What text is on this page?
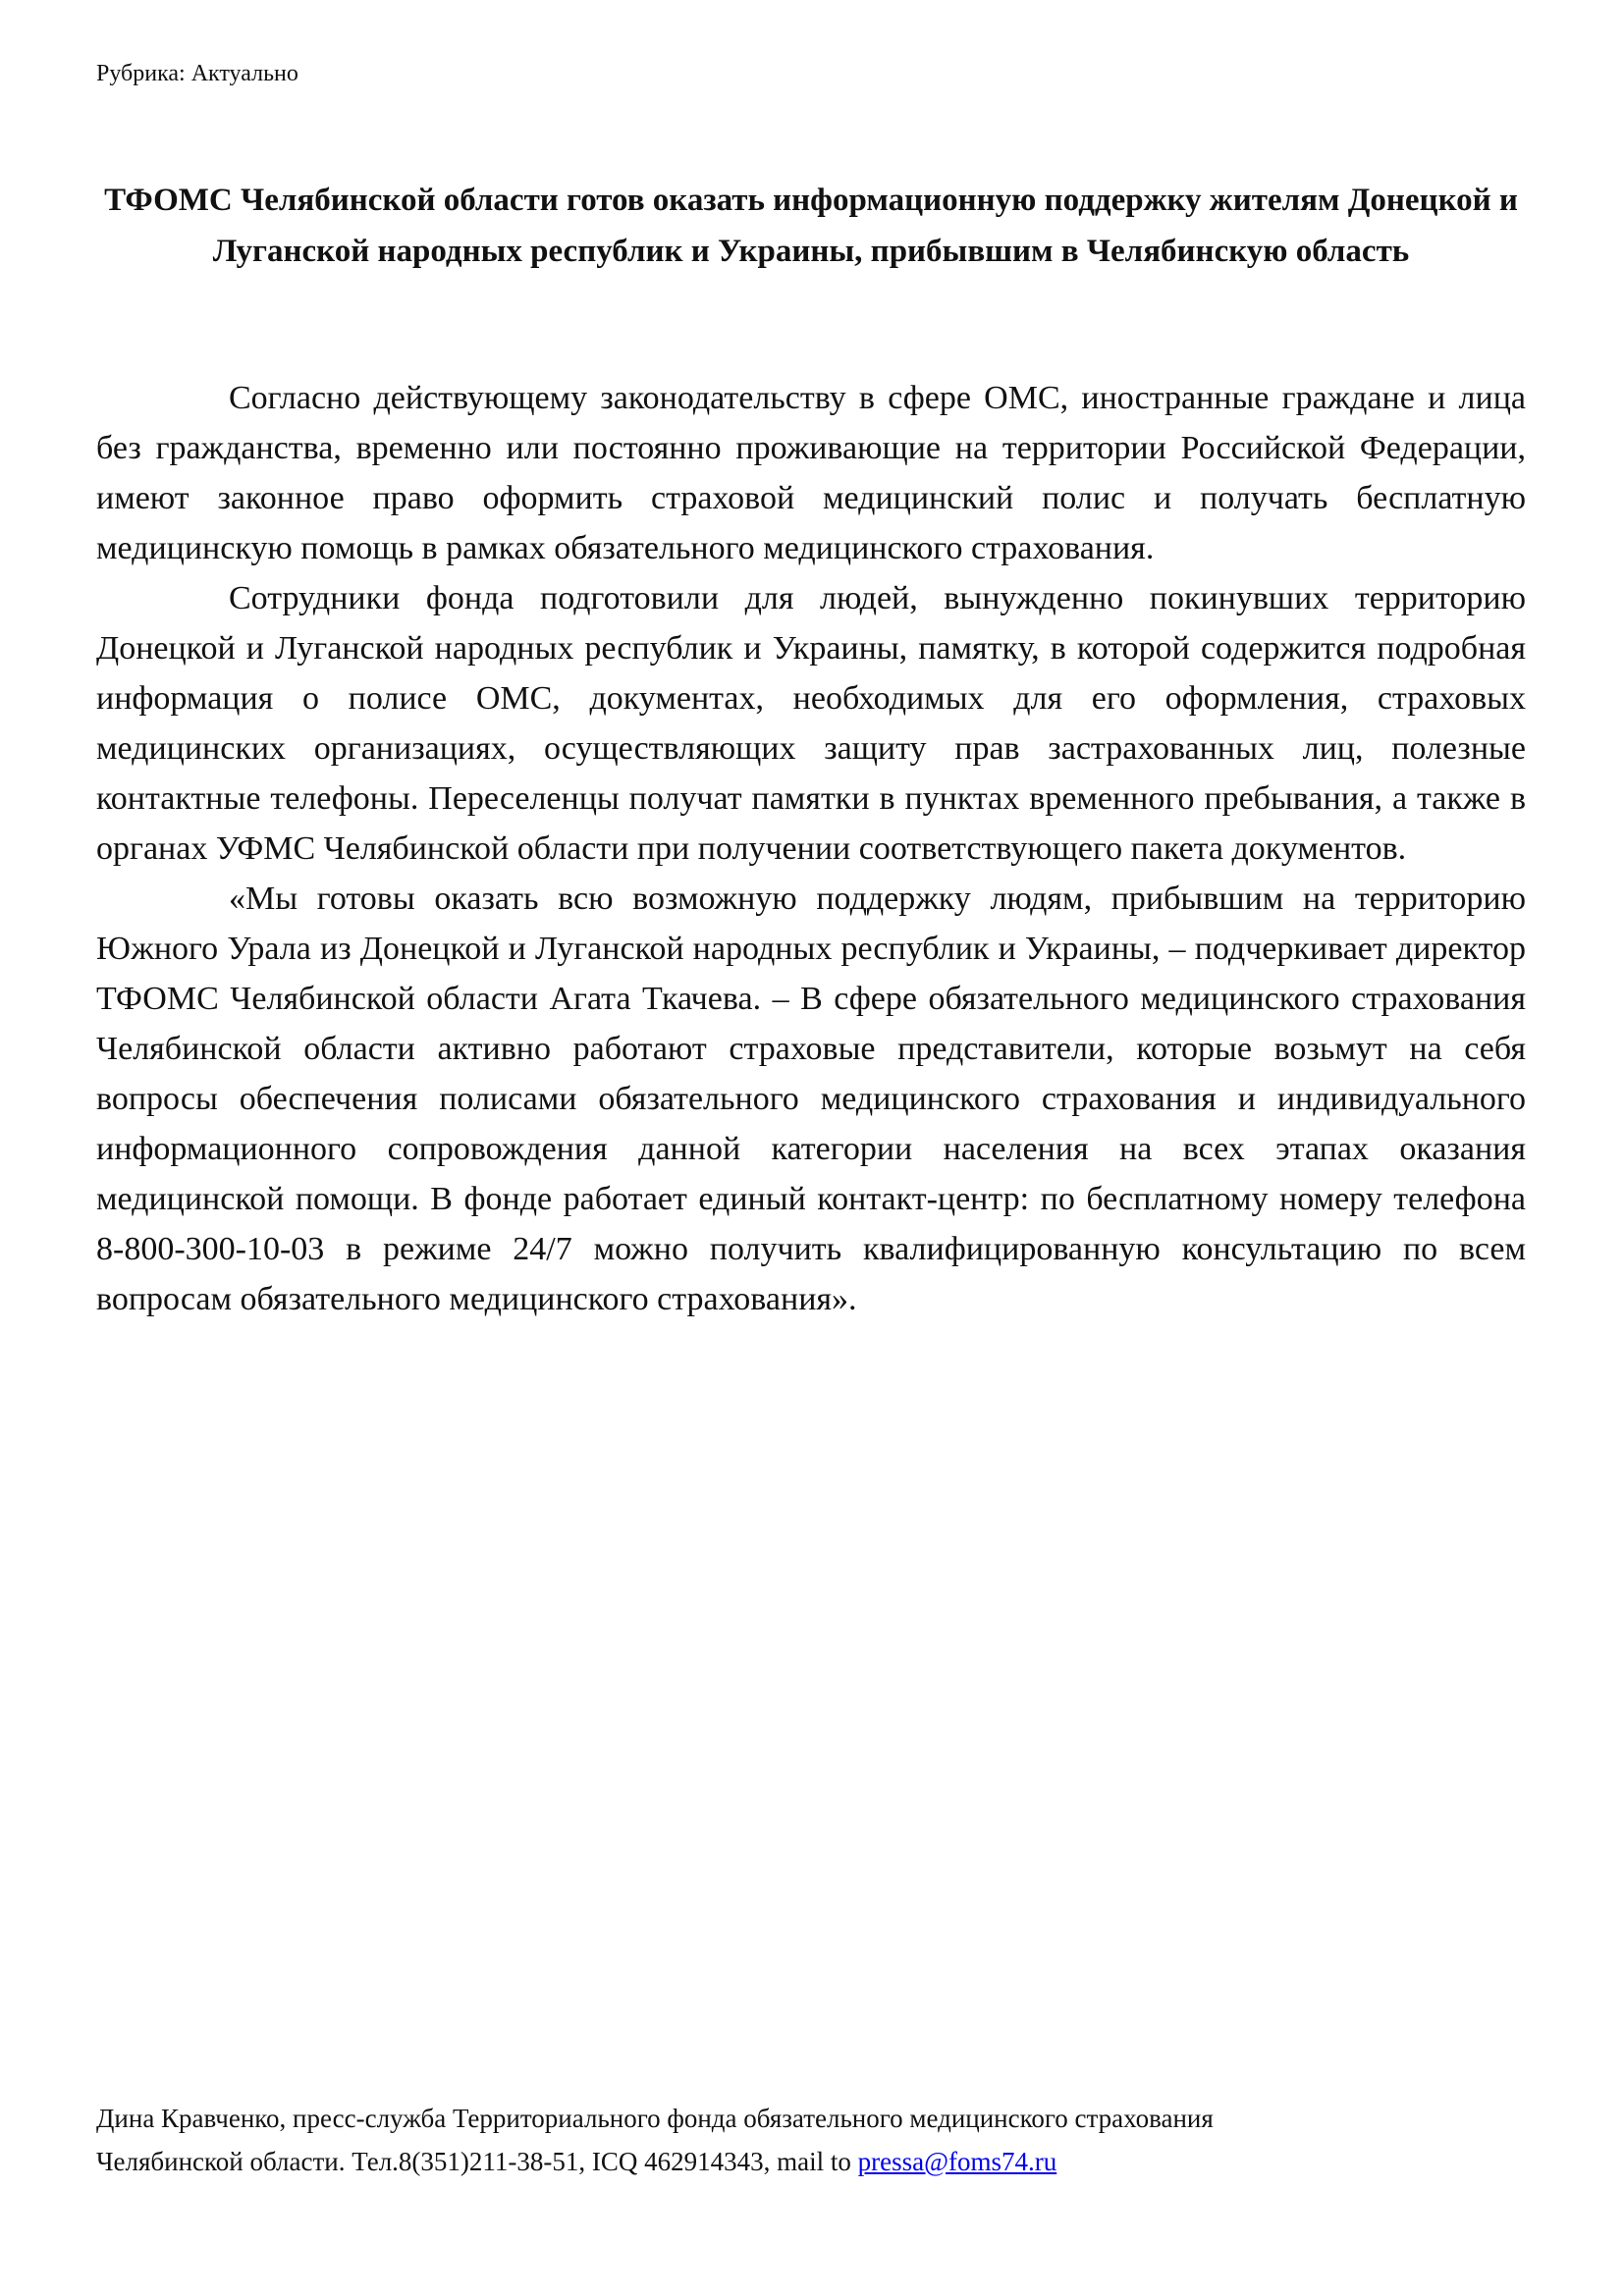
Рубрика: Актуально
ТФОМС Челябинской области готов оказать информационную поддержку жителям Донецкой и Луганской народных республик и Украины, прибывшим в Челябинскую область

Согласно действующему законодательству в сфере ОМС, иностранные граждане и лица без гражданства, временно или постоянно проживающие на территории Российской Федерации, имеют законное право оформить страховой медицинский полис и получать бесплатную медицинскую помощь в рамках обязательного медицинского страхования.

Сотрудники фонда подготовили для людей, вынужденно покинувших территорию Донецкой и Луганской народных республик и Украины, памятку, в которой содержится подробная информация о полисе ОМС, документах, необходимых для его оформления, страховых медицинских организациях, осуществляющих защиту прав застрахованных лиц, полезные контактные телефоны. Переселенцы получат памятки в пунктах временного пребывания, а также в органах УФМС Челябинской области при получении соответствующего пакета документов.

«Мы готовы оказать всю возможную поддержку людям, прибывшим на территорию Южного Урала из Донецкой и Луганской народных республик и Украины, – подчеркивает директор ТФОМС Челябинской области Агата Ткачева. – В сфере обязательного медицинского страхования Челябинской области активно работают страховые представители, которые возьмут на себя вопросы обеспечения полисами обязательного медицинского страхования и индивидуального информационного сопровождения данной категории населения на всех этапах оказания медицинской помощи. В фонде работает единый контакт-центр: по бесплатному номеру телефона 8-800-300-10-03 в режиме 24/7 можно получить квалифицированную консультацию по всем вопросам обязательного медицинского страхования».

Дина Кравченко, пресс-служба Территориального фонда обязательного медицинского страхования
Челябинской области. Тел.8(351)211-38-51, ICQ 462914343, mail to pressa@foms74.ru
